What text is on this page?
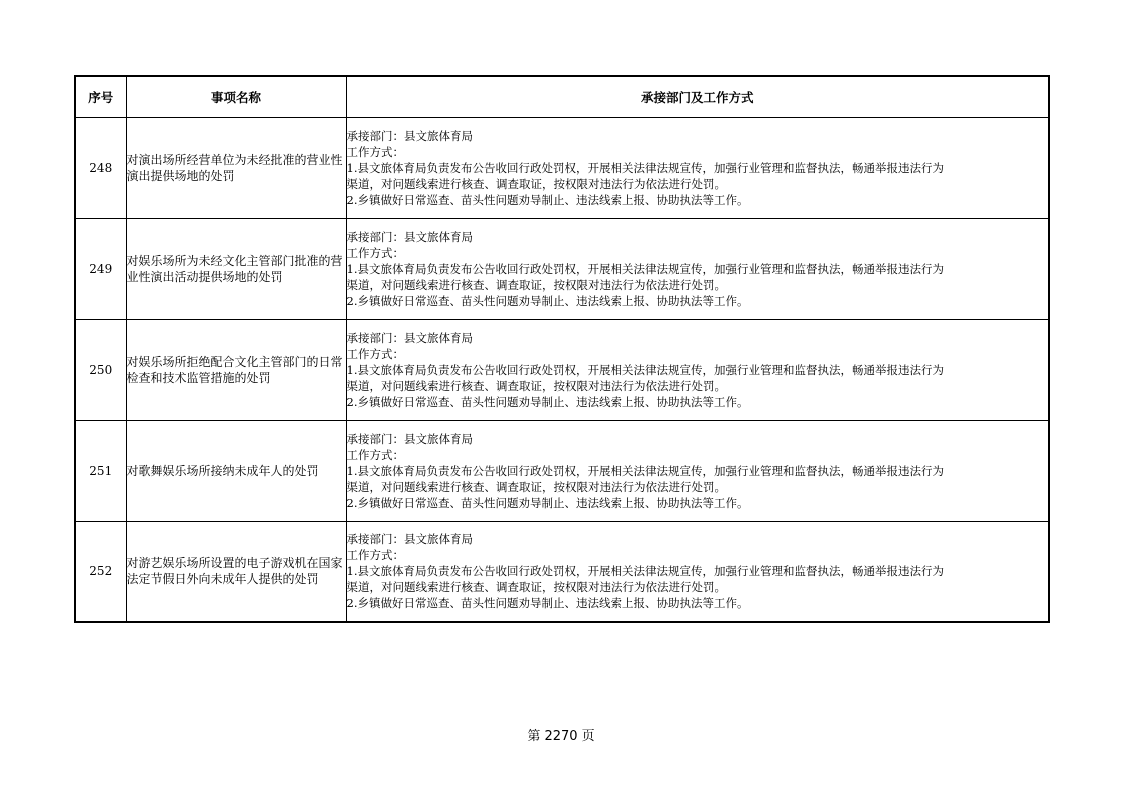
序号	事项名称	承接部门及工作方式
248	对演出场所经营单位为未经批准的营业性演出提供场地的处罚	承接部门：县文旅体育局
工作方式：
1.县文旅体育局负责发布公告收回行政处罚权，开展相关法律法规宣传，加强行业管理和监督执法，畅通举报违法行为
渠道，对问题线索进行核查、调查取证，按权限对违法行为依法进行处罚。
2.乡镇做好日常巡查、苗头性问题劝导制止、违法线索上报、协助执法等工作。

249	对娱乐场所为未经文化主管部门批准的营业性演出活动提供场地的处罚	承接部门：县文旅体育局
工作方式：
1.县文旅体育局负责发布公告收回行政处罚权，开展相关法律法规宣传，加强行业管理和监督执法，畅通举报违法行为
渠道，对问题线索进行核查、调查取证，按权限对违法行为依法进行处罚。
2.乡镇做好日常巡查、苗头性问题劝导制止、违法线索上报、协助执法等工作。

250	对娱乐场所拒绝配合文化主管部门的日常检查和技术监管措施的处罚	承接部门：县文旅体育局
工作方式：
1.县文旅体育局负责发布公告收回行政处罚权，开展相关法律法规宣传，加强行业管理和监督执法，畅通举报违法行为
渠道，对问题线索进行核查、调查取证，按权限对违法行为依法进行处罚。
2.乡镇做好日常巡查、苗头性问题劝导制止、违法线索上报、协助执法等工作。

251	对歌舞娱乐场所接纳未成年人的处罚	承接部门：县文旅体育局
工作方式：
1.县文旅体育局负责发布公告收回行政处罚权，开展相关法律法规宣传，加强行业管理和监督执法，畅通举报违法行为
渠道，对问题线索进行核查、调查取证，按权限对违法行为依法进行处罚。
2.乡镇做好日常巡查、苗头性问题劝导制止、违法线索上报、协助执法等工作。

252	对游艺娱乐场所设置的电子游戏机在国家法定节假日外向未成年人提供的处罚	承接部门：县文旅体育局
工作方式：
1.县文旅体育局负责发布公告收回行政处罚权，开展相关法律法规宣传，加强行业管理和监督执法，畅通举报违法行为
渠道，对问题线索进行核查、调查取证，按权限对违法行为依法进行处罚。
2.乡镇做好日常巡查、苗头性问题劝导制止、违法线索上报、协助执法等工作。
第 2270 页
